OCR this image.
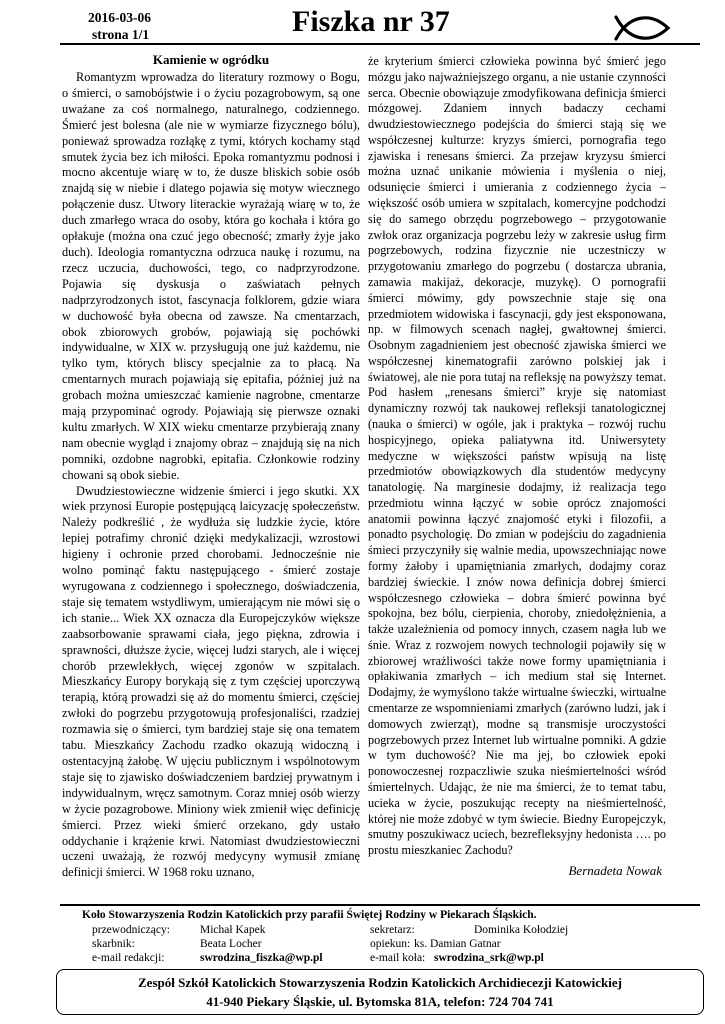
2016-03-06
strona 1/1	Fiszka nr 37
Kamienie w ogródku

Romantyzm wprowadza do literatury rozmowy o Bogu, o śmierci, o samobójstwie i o życiu pozagrobowym, są one uważane za coś normalnego, naturalnego, codziennego. Śmierć jest bolesna (ale nie w wymiarze fizycznego bólu), ponieważ sprowadza rozłąkę z tymi, których kochamy stąd smutek życia bez ich miłości. Epoka romantyzmu podnosi i mocno akcentuje wiarę w to, że dusze bliskich sobie osób znajdą się w niebie i dlatego pojawia się motyw wiecznego połączenie dusz. Utwory literackie wyrażają wiarę w to, że duch zmarłego wraca do osoby, która go kochała i która go opłakuje (można ona czuć jego obecność; zmarły żyje jako duch). Ideologia romantyczna odrzuca naukę i rozumu, na rzecz uczucia, duchowości, tego, co nadprzyrodzone. Pojawia się dyskusja o zaświatach pełnych nadprzyrodzonych istot, fascynacja folklorem, gdzie wiara w duchowość była obecna od zawsze. Na cmentarzach, obok zbiorowych grobów, pojawiają się pochówki indywidualne, w XIX w. przysługują one już każdemu, nie tylko tym, których bliscy specjalnie za to płacą. Na cmentarnych murach pojawiają się epitafia, później już na grobach można umieszczać kamienie nagrobne, cmentarze mają przypominać ogrody. Pojawiają się pierwsze oznaki kultu zmarłych. W XIX wieku cmentarze przybierają znany nam obecnie wygląd i znajomy obraz – znajdują się na nich pomniki, ozdobne nagrobki, epitafia. Członkowie rodziny chowani są obok siebie.

Dwudziestowieczne widzenie śmierci i jego skutki. XX wiek przynosi Europie postępującą laicyzację społeczeństw. Należy podkreślić , że wydłuża się ludzkie życie, które lepiej potrafimy chronić dzięki medykalizacji, wzrostowi higieny i ochronie przed chorobami. Jednocześnie nie wolno pominąć faktu następującego - śmierć zostaje wyrugowana z codziennego i społecznego, doświadczenia, staje się tematem wstydliwym, umierającym nie mówi się o ich stanie... Wiek XX oznacza dla Europejczyków większe zaabsorbowanie sprawami ciała, jego piękna, zdrowia i sprawności, dłuższe życie, więcej ludzi starych, ale i więcej chorób przewlekłych, więcej zgonów w szpitalach. Mieszkańcy Europy borykają się z tym częściej uporczywą terapią, którą prowadzi się aż do momentu śmierci, częściej zwłoki do pogrzebu przygotowują profesjonaliści, rzadziej rozmawia się o śmierci, tym bardziej staje się ona tematem tabu. Mieszkańcy Zachodu rzadko okazują widoczną i ostentacyjną żałobę. W ujęciu publicznym i wspólnotowym staje się to zjawisko doświadczeniem bardziej prywatnym i indywidualnym, wręcz samotnym. Coraz mniej osób wierzy w życie pozagrobowe. Miniony wiek zmienił więc definicję śmierci. Przez wieki śmierć orzekano, gdy ustało oddychanie i krążenie krwi. Natomiast dwudziestowieczni uczeni uważają, że rozwój medycyny wymusił zmianę definicji śmierci. W 1968 roku uznano,

że kryterium śmierci człowieka powinna być śmierć jego mózgu jako najważniejszego organu, a nie ustanie czynności serca. Obecnie obowiązuje zmodyfikowana definicja śmierci mózgowej. Zdaniem innych badaczy cechami dwudziestowiecznego podejścia do śmierci stają się we współczesnej kulturze: kryzys śmierci, pornografia tego zjawiska i renesans śmierci. Za przejaw kryzysu śmierci można uznać unikanie mówienia i myślenia o niej, odsunięcie śmierci i umierania z codziennego życia – większość osób umiera w szpitalach, komercyjne podchodzi się do samego obrzędu pogrzebowego – przygotowanie zwłok oraz organizacja pogrzebu leży w zakresie usług firm pogrzebowych, rodzina fizycznie nie uczestniczy w przygotowaniu zmarłego do pogrzebu ( dostarcza ubrania, zamawia makijaż, dekoracje, muzykę). O pornografii śmierci mówimy, gdy powszechnie staje się ona przedmiotem widowiska i fascynacji, gdy jest eksponowana, np. w filmowych scenach nagłej, gwałtownej śmierci. Osobnym zagadnieniem jest obecność zjawiska śmierci we współczesnej kinematografii zarówno polskiej jak i światowej, ale nie pora tutaj na refleksję na powyższy temat. Pod hasłem „renesans śmierci” kryje się natomiast dynamiczny rozwój tak naukowej refleksji tanatologicznej (nauka o śmierci) w ogóle, jak i praktyka – rozwój ruchu hospicyjnego, opieka paliatywna itd. Uniwersytety medyczne w większości państw wpisują na listę przedmiotów obowiązkowych dla studentów medycyny tanatologię. Na marginesie dodajmy, iż realizacja tego przedmiotu winna łączyć w sobie oprócz znajomości anatomii powinna łączyć znajomość etyki i filozofii, a ponadto psychologię. Do zmian w podejściu do zagadnienia śmieci przyczyniły się walnie media, upowszechniając nowe formy żałoby i upamiętniania zmarłych, dodajmy coraz bardziej świeckie. I znów nowa definicja dobrej śmierci współczesnego człowieka – dobra śmierć powinna być spokojna, bez bólu, cierpienia, choroby, zniedołężnienia, a także uzależnienia od pomocy innych, czasem nagła lub we śnie. Wraz z rozwojem nowych technologii pojawiły się w zbiorowej wrażliwości także nowe formy upamiętniania i opłakiwania zmarłych – ich medium stał się Internet. Dodajmy, że wymyślono także wirtualne świeczki, wirtualne cmentarze ze wspomnieniami zmarłych (zarówno ludzi, jak i domowych zwierząt), modne są transmisje uroczystości pogrzebowych przez Internet lub wirtualne pomniki. A gdzie w tym duchowość? Nie ma jej, bo człowiek epoki ponowoczesnej rozpaczliwie szuka nieśmiertelności wśród śmiertelnych. Udając, że nie ma śmierci, że to temat tabu, ucieka w życie, poszukując recepty na nieśmiertelność, której nie może zdobyć w tym świecie. Biedny Europejczyk, smutny poszukiwacz uciech, bezrefleksyjny hedonista …. po prostu mieszkaniec Zachodu?

Bernadeta Nowak
Koło Stowarzyszenia Rodzin Katolickich przy parafii Świętej Rodziny w Piekarach Śląskich.
przewodniczący:	Michał Kapek	sekretarz:	Dominika Kołodziej
skarbnik:	Beata Locher	opiekun: ks. Damian Gatnar
e-mail redakcji:	swrodzina_fiszka@wp.pl	e-mail koła: swrodzina_srk@wp.pl
Zespół Szkół Katolickich Stowarzyszenia Rodzin Katolickich Archidiecezji Katowickiej
41-940 Piekary Śląskie, ul. Bytomska 81A, telefon: 724 704 741
